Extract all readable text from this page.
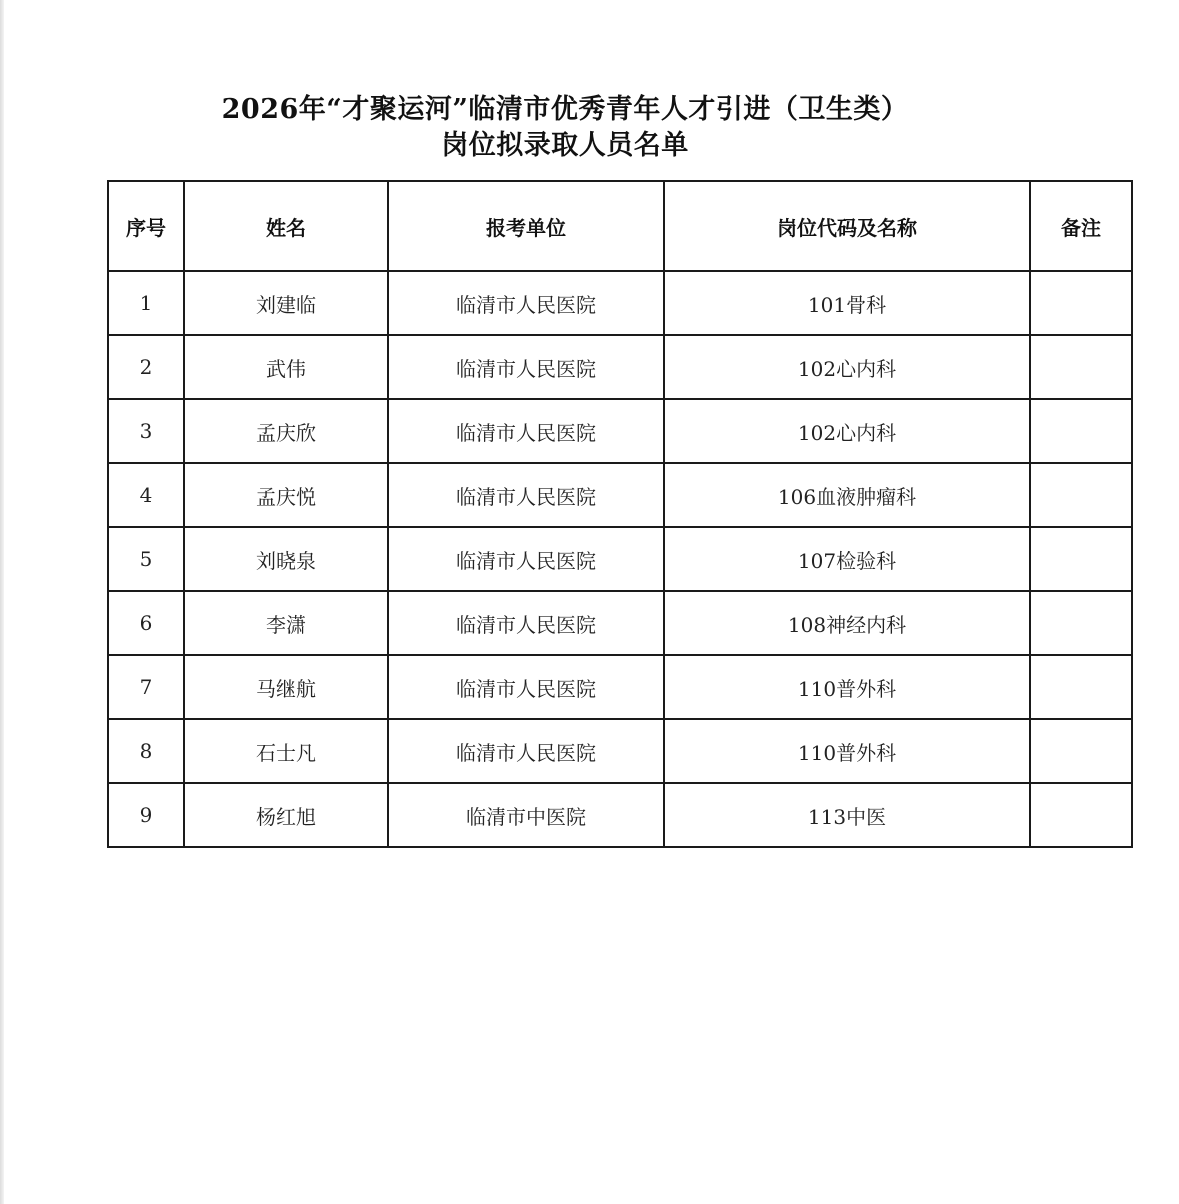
2026年“才聚运河”临清市优秀青年人才引进（卫生类）
岗位拟录取人员名单
序号	姓名	报考单位	岗位代码及名称	备注
1	刘建临	临清市人民医院	101骨科	
2	武伟	临清市人民医院	102心内科	
3	孟庆欣	临清市人民医院	102心内科	
4	孟庆悦	临清市人民医院	106血液肿瘤科	
5	刘晓泉	临清市人民医院	107检验科	
6	李潇	临清市人民医院	108神经内科	
7	马继航	临清市人民医院	110普外科	
8	石士凡	临清市人民医院	110普外科	
9	杨红旭	临清市中医院	113中医	
